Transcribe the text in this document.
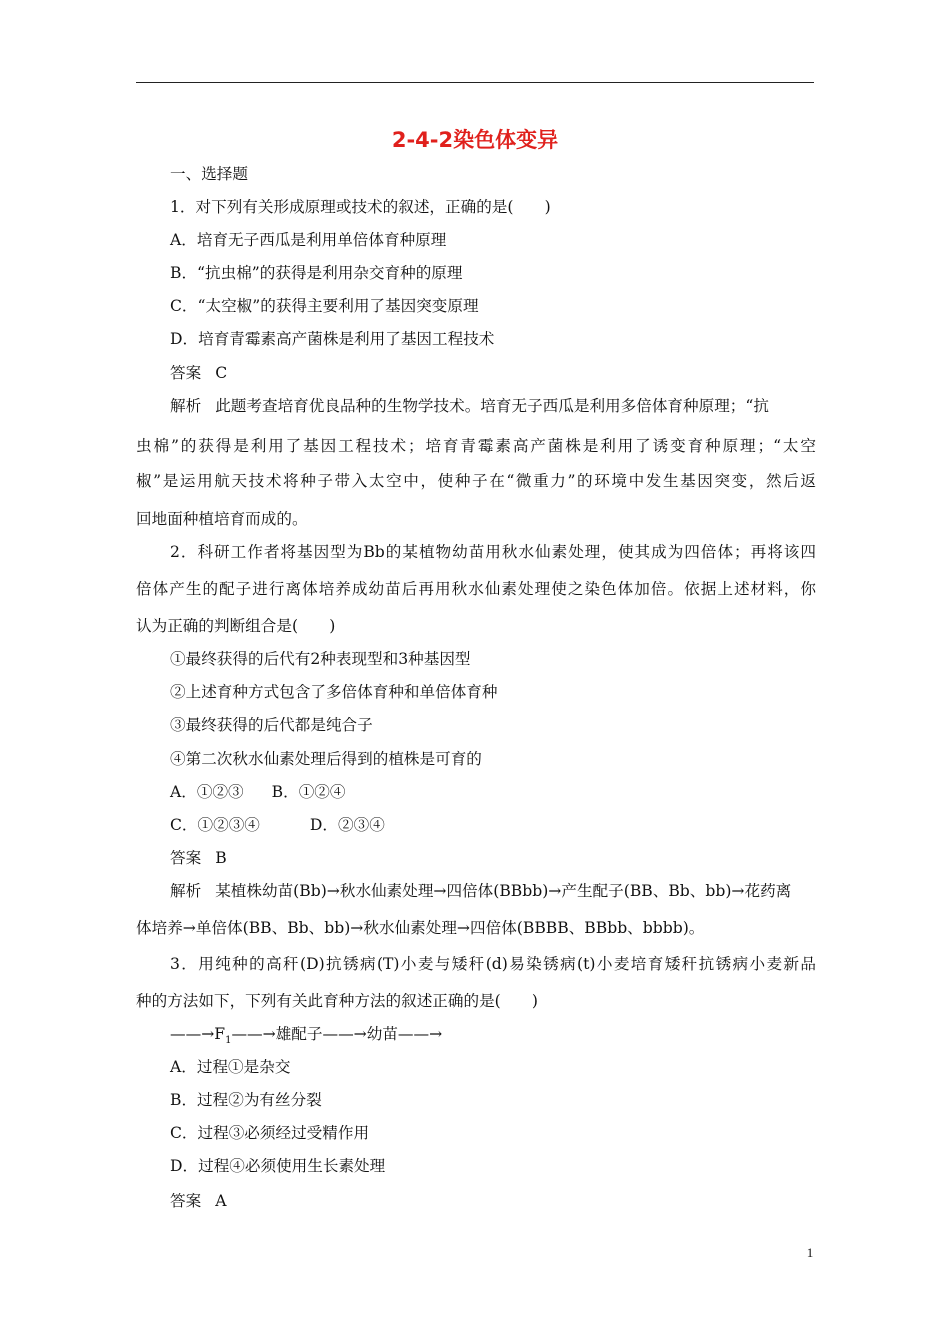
2-4-2染色体变异
一、选择题
1．对下列有关形成原理或技术的叙述，正确的是(　　)
A．培育无子西瓜是利用单倍体育种原理
B．“抗虫棉”的获得是利用杂交育种的原理
C．“太空椒”的获得主要利用了基因突变原理
D．培育青霉素高产菌株是利用了基因工程技术
答案 C
解析 此题考查培育优良品种的生物学技术。培育无子西瓜是利用多倍体育种原理；“抗
虫棉”的获得是利用了基因工程技术；培育青霉素高产菌株是利用了诱变育种原理；“太空
椒”是运用航天技术将种子带入太空中，使种子在“微重力”的环境中发生基因突变，然后返
回地面种植培育而成的。
2．科研工作者将基因型为Bb的某植物幼苗用秋水仙素处理，使其成为四倍体；再将该四
倍体产生的配子进行离体培养成幼苗后再用秋水仙素处理使之染色体加倍。依据上述材料，你
认为正确的判断组合是(　　)
①最终获得的后代有2种表现型和3种基因型
②上述育种方式包含了多倍体育种和单倍体育种
③最终获得的后代都是纯合子
④第二次秋水仙素处理后得到的植株是可育的
A．①②③ B．①②④
C．①②③④	D．②③④
答案 B
解析 某植株幼苗(Bb)→秋水仙素处理→四倍体(BBbb)→产生配子(BB、Bb、bb)→花药离
体培养→单倍体(BB、Bb、bb)→秋水仙素处理→四倍体(BBBB、BBbb、bbbb)。
3．用纯种的高秆(D)抗锈病(T)小麦与矮秆(d)易染锈病(t)小麦培育矮秆抗锈病小麦新品
种的方法如下，下列有关此育种方法的叙述正确的是(　　)
$——\to F_1——\to$雄配子——→幼苗——→
A．过程①是杂交
B．过程②为有丝分裂
C．过程③必须经过受精作用
D．过程④必须使用生长素处理
答案 A
1
